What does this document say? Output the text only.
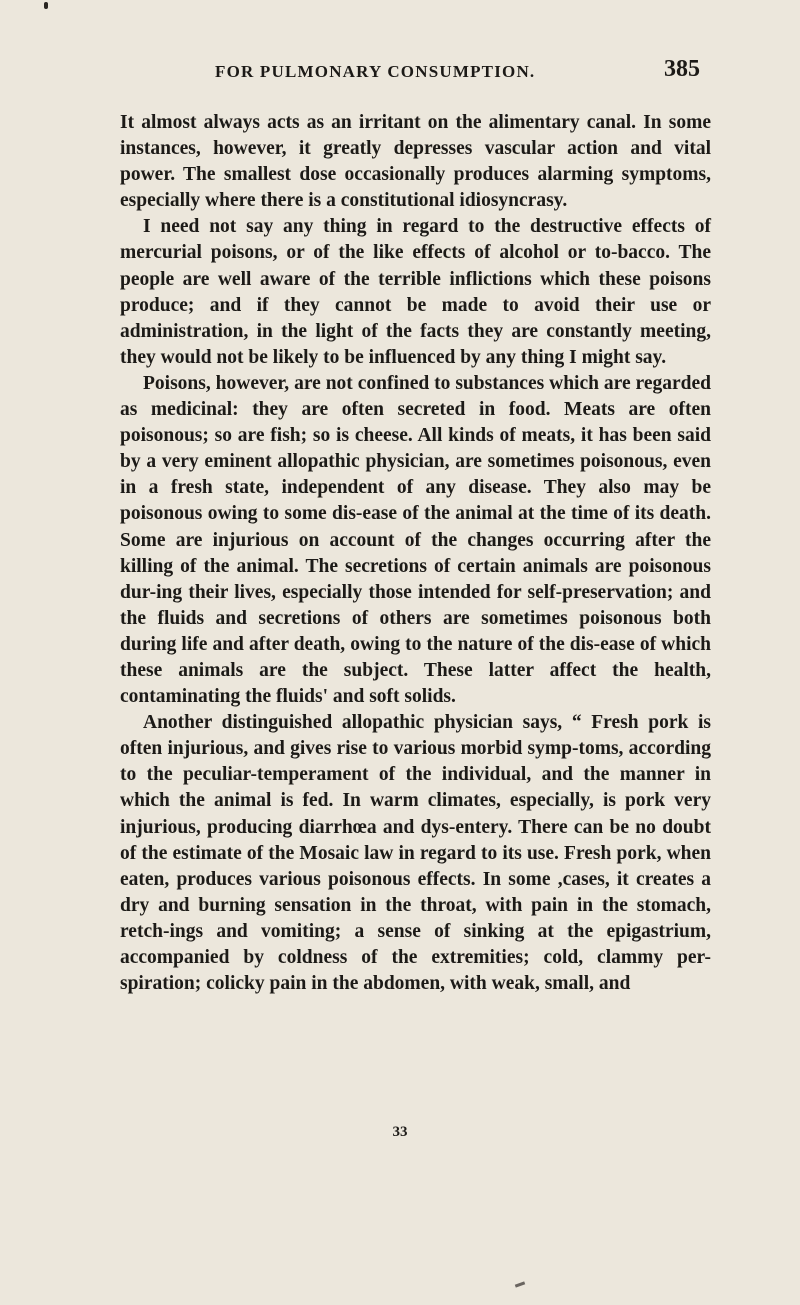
FOR PULMONARY CONSUMPTION.	385

It almost always acts as an irritant on the alimentary canal. In some instances, however, it greatly depresses vascular action and vital power. The smallest dose occasionally produces alarming symptoms, especially where there is a constitutional idiosyncrasy.

I need not say any thing in regard to the destructive effects of mercurial poisons, or of the like effects of alcohol or to-bacco. The people are well aware of the terrible inflictions which these poisons produce; and if they cannot be made to avoid their use or administration, in the light of the facts they are constantly meeting, they would not be likely to be influenced by any thing I might say.

Poisons, however, are not confined to substances which are regarded as medicinal: they are often secreted in food. Meats are often poisonous; so are fish; so is cheese. All kinds of meats, it has been said by a very eminent allopathic physician, are sometimes poisonous, even in a fresh state, independent of any disease. They also may be poisonous owing to some dis-ease of the animal at the time of its death. Some are injurious on account of the changes occurring after the killing of the animal. The secretions of certain animals are poisonous dur-ing their lives, especially those intended for self-preservation; and the fluids and secretions of others are sometimes poisonous both during life and after death, owing to the nature of the dis-ease of which these animals are the subject. These latter affect the health, contaminating the fluids' and soft solids.

Another distinguished allopathic physician says, “ Fresh pork is often injurious, and gives rise to various morbid symp-toms, according to the peculiar-temperament of the individual, and the manner in which the animal is fed. In warm climates, especially, is pork very injurious, producing diarrhœa and dys-entery. There can be no doubt of the estimate of the Mosaic law in regard to its use. Fresh pork, when eaten, produces various poisonous effects. In some ,cases, it creates a dry and burning sensation in the throat, with pain in the stomach, retch-ings and vomiting; a sense of sinking at the epigastrium, accompanied by coldness of the extremities; cold, clammy per-spiration; colicky pain in the abdomen, with weak, small, and

33
